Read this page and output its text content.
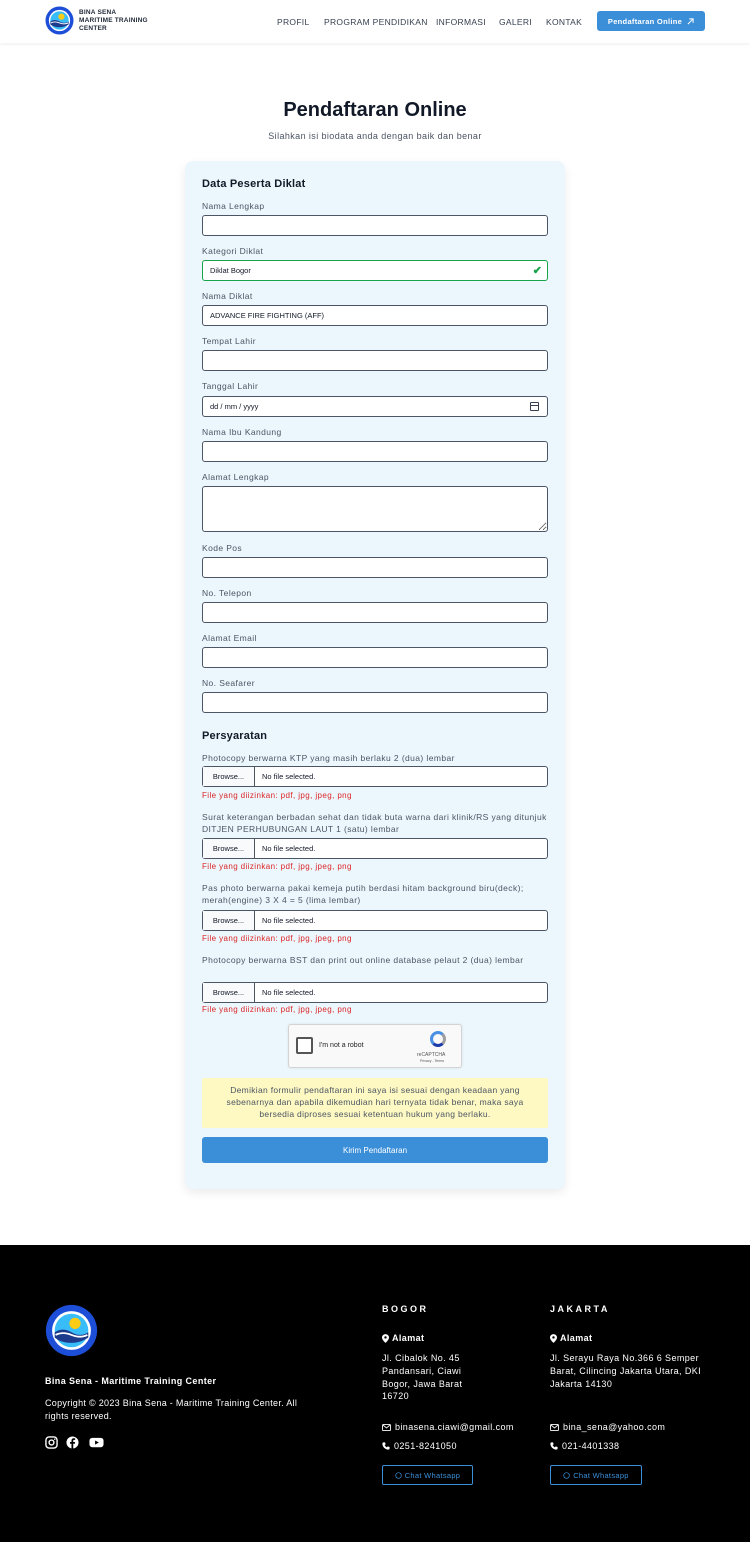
BINA SENA
MARITIME TRAINING
CENTER
PROFIL PROGRAM PENDIDIKAN INFORMASI GALERI KONTAK	Pendaftaran Online
Pendaftaran Online
Silahkan isi biodata anda dengan baik dan benar
Data Peserta Diklat
Nama Lengkap
Kategori Diklat
Diklat Bogor	✔
Nama Diklat
ADVANCE FIRE FIGHTING (AFF)
Tempat Lahir
Tanggal Lahir
dd / mm / yyyy
Nama Ibu Kandung
Alamat Lengkap
Kode Pos
No. Telepon
Alamat Email
No. Seafarer
Persyaratan
Photocopy berwarna KTP yang masih berlaku 2 (dua) lembar
Browse...	No file selected.
File yang diizinkan: pdf, jpg, jpeg, png
Surat keterangan berbadan sehat dan tidak buta warna dari klinik/RS yang ditunjuk DITJEN PERHUBUNGAN LAUT 1 (satu) lembar
Browse...	No file selected.
File yang diizinkan: pdf, jpg, jpeg, png
Pas photo berwarna pakai kemeja putih berdasi hitam background biru(deck); merah(engine) 3 X 4 = 5 (lima lembar)
Browse...	No file selected.
File yang diizinkan: pdf, jpg, jpeg, png
Photocopy berwarna BST dan print out online database pelaut 2 (dua) lembar
Browse...	No file selected.
File yang diizinkan: pdf, jpg, jpeg, png
I'm not a robot
reCAPTCHA
Privacy - Terms
Demikian formulir pendaftaran ini saya isi sesuai dengan keadaan yang sebenarnya dan apabila dikemudian hari ternyata tidak benar, maka saya bersedia diproses sesuai ketentuan hukum yang berlaku.
Kirim Pendaftaran
Bina Sena - Maritime Training Center
Copyright © 2023 Bina Sena - Maritime Training Center. All rights reserved.
BOGOR
Alamat
Jl. Cibalok No. 45 Pandansari, Ciawi Bogor, Jawa Barat 16720
binasena.ciawi@gmail.com
0251-8241050
Chat Whatsapp
JAKARTA
Alamat
Jl. Serayu Raya No.366 6 Semper Barat, Cilincing Jakarta Utara, DKI Jakarta 14130
bina_sena@yahoo.com
021-4401338
Chat Whatsapp
